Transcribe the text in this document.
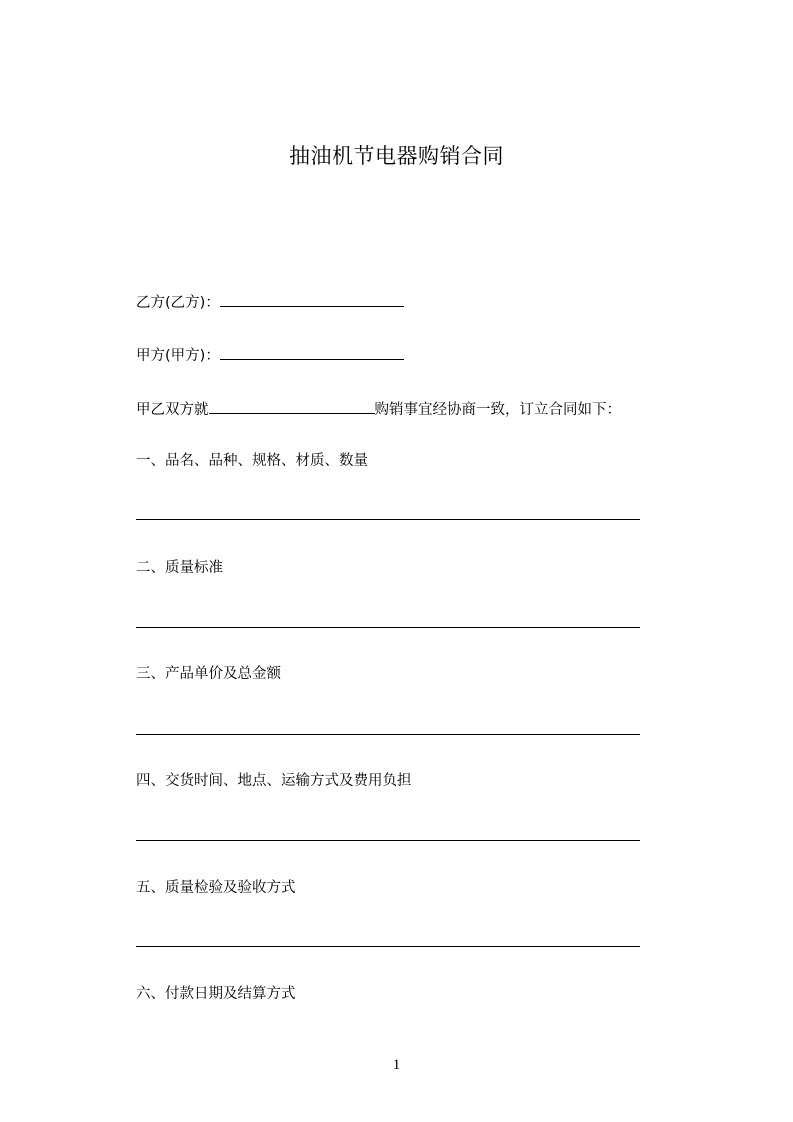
抽油机节电器购销合同
乙方(乙方)：
甲方(甲方)：
甲乙双方就	购销事宜经协商一致，订立合同如下：
一、品名、品种、规格、材质、数量
二、质量标准
三、产品单价及总金额
四、交货时间、地点、运输方式及费用负担
五、质量检验及验收方式
六、付款日期及结算方式
1
